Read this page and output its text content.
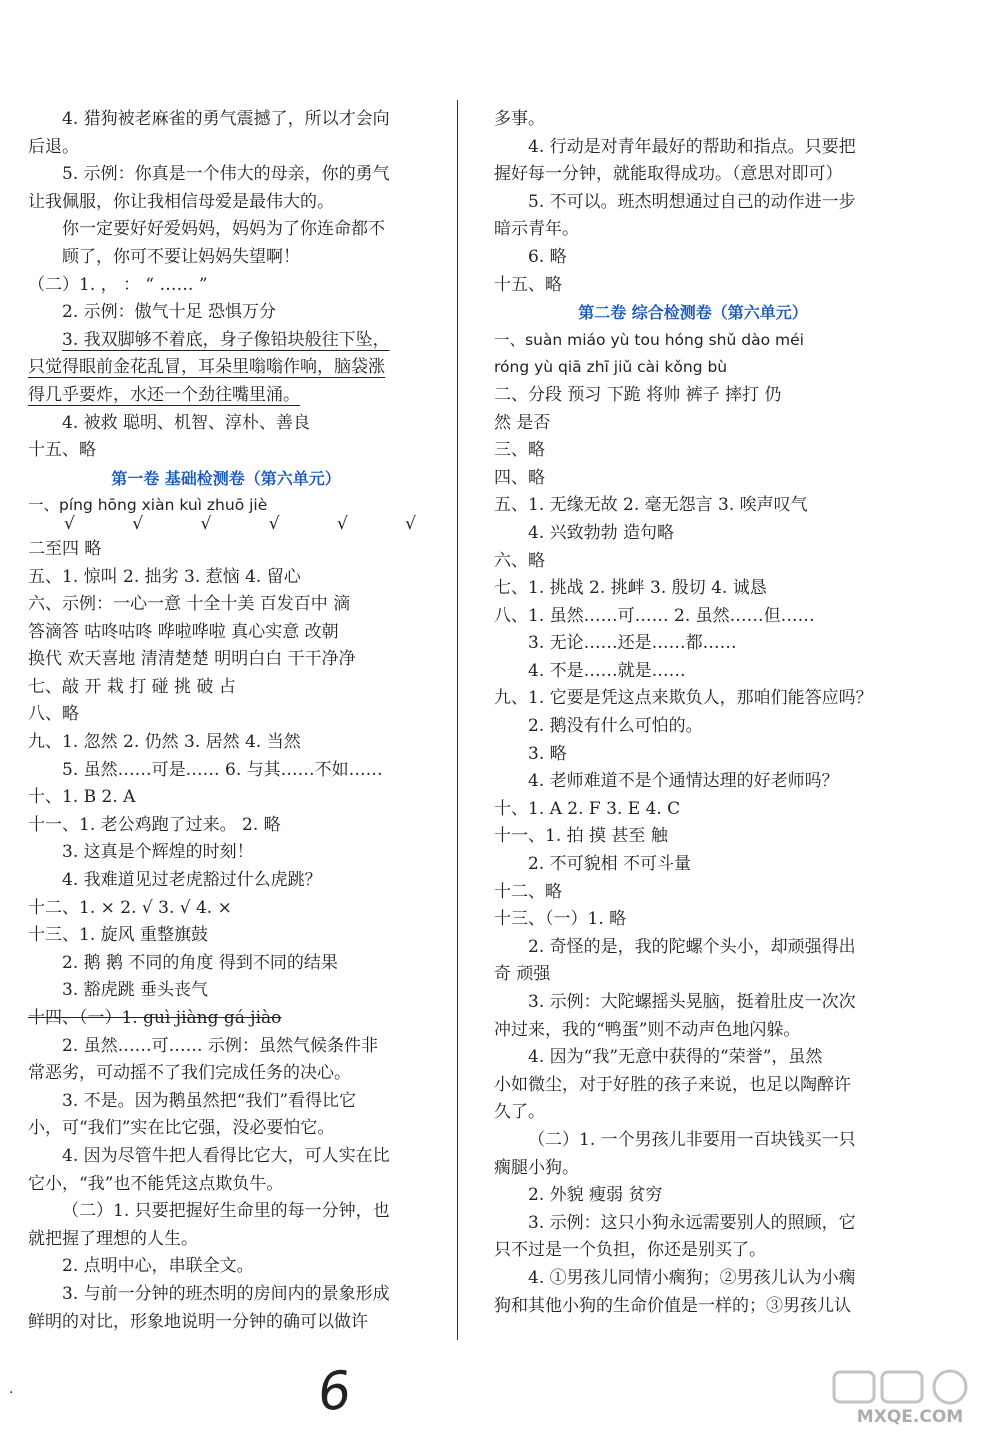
4. 猎狗被老麻雀的勇气震撼了，所以才会向
后退。
5. 示例：你真是一个伟大的母亲，你的勇气
让我佩服，你让我相信母爱是最伟大的。
你一定要好好爱妈妈，妈妈为了你连命都不
顾了，你可不要让妈妈失望啊！
（二）1. ， ： “ …… ”
2. 示例：傲气十足 恐惧万分
3. 我双脚够不着底，身子像铅块般往下坠，
只觉得眼前金花乱冒，耳朵里嗡嗡作响，脑袋涨
得几乎要炸，水还一个劲往嘴里涌。
4. 被救 聪明、机智、淳朴、善良
十五、略
第一卷 基础检测卷（第六单元）
一、píng hōng xiàn kuì zhuō jiè
√ √ √ √ √ √
二至四 略
五、1. 惊叫 2. 拙劣 3. 惹恼 4. 留心
六、示例：一心一意 十全十美 百发百中 滴
答滴答 咕咚咕咚 哗啦哗啦 真心实意 改朝
换代 欢天喜地 清清楚楚 明明白白 干干净净
七、敲 开 栽 打 碰 挑 破 占
八、略
九、1. 忽然 2. 仍然 3. 居然 4. 当然
5. 虽然……可是…… 6. 与其……不如……
十、1. B 2. A
十一、1. 老公鸡跑了过来。 2. 略
3. 这真是个辉煌的时刻！
4. 我难道见过老虎豁过什么虎跳？
十二、1. × 2. √ 3. √ 4. ×
十三、1. 旋风 重整旗鼓
2. 鹅 鹅 不同的角度 得到不同的结果
3. 豁虎跳 垂头丧气
十四、（一）1. guì jiàng gá jiào
2. 虽然……可…… 示例：虽然气候条件非
常恶劣，可动摇不了我们完成任务的决心。
3. 不是。因为鹅虽然把“我们”看得比它
小，可“我们”实在比它强，没必要怕它。
4. 因为尽管牛把人看得比它大，可人实在比
它小，“我”也不能凭这点欺负牛。
（二）1. 只要把握好生命里的每一分钟，也
就把握了理想的人生。
2. 点明中心，串联全文。
3. 与前一分钟的班杰明的房间内的景象形成
鲜明的对比，形象地说明一分钟的确可以做许
多事。
4. 行动是对青年最好的帮助和指点。只要把
握好每一分钟，就能取得成功。（意思对即可）
5. 不可以。班杰明想通过自己的动作进一步
暗示青年。
6. 略
十五、略
第二卷 综合检测卷（第六单元）
一、suàn miáo yù tou hóng shǔ dào méi
róng yù qiā zhī jiǔ cài kǒng bù
二、分段 预习 下跪 将帅 裤子 摔打 仍
然 是否
三、略
四、略
五、1. 无缘无故 2. 毫无怨言 3. 唉声叹气
4. 兴致勃勃 造句略
六、略
七、1. 挑战 2. 挑衅 3. 殷切 4. 诚恳
八、1. 虽然……可…… 2. 虽然……但……
3. 无论……还是……都……
4. 不是……就是……
九、1. 它要是凭这点来欺负人，那咱们能答应吗？
2. 鹅没有什么可怕的。
3. 略
4. 老师难道不是个通情达理的好老师吗？
十、1. A 2. F 3. E 4. C
十一、1. 拍 摸 甚至 触
2. 不可貌相 不可斗量
十二、略
十三、（一）1. 略
2. 奇怪的是，我的陀螺个头小，却顽强得出
奇 顽强
3. 示例：大陀螺摇头晃脑，挺着肚皮一次次
冲过来，我的“鸭蛋”则不动声色地闪躲。
4. 因为“我”无意中获得的“荣誉”，虽然
小如微尘，对于好胜的孩子来说，也足以陶醉许
久了。
（二）1. 一个男孩儿非要用一百块钱买一只
瘸腿小狗。
2. 外貌 瘦弱 贫穷
3. 示例：这只小狗永远需要别人的照顾，它
只不过是一个负担，你还是别买了。
4. ①男孩儿同情小瘸狗；②男孩儿认为小瘸
狗和其他小狗的生命价值是一样的；③男孩儿认
·	6	MXQE.COM
